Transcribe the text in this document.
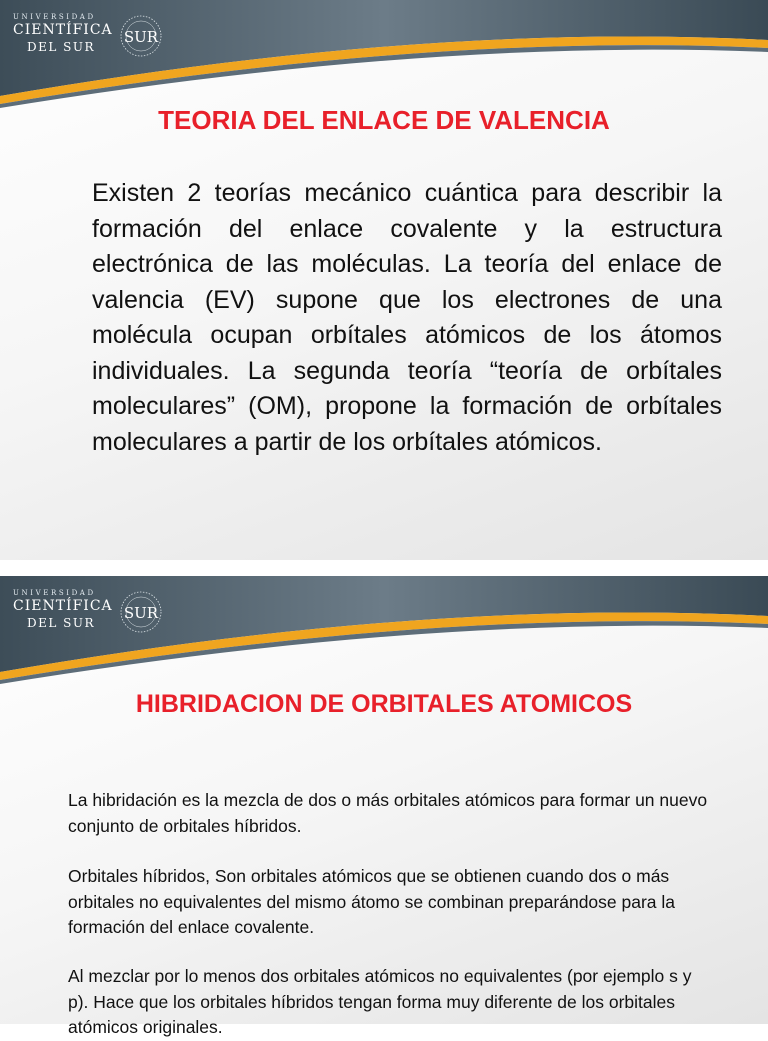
UNIVERSIDAD
CIENTÍFICA
DEL SUR
SUR
TEORIA DEL ENLACE DE VALENCIA

Existen 2 teorías mecánico cuántica para describir la formación del enlace covalente y la estructura electrónica de las moléculas. La teoría del enlace de valencia (EV) supone que los electrones de una molécula ocupan orbítales atómicos de los átomos individuales. La segunda teoría “teoría de orbítales moleculares” (OM), propone la formación de orbítales moleculares a partir de los orbítales atómicos.

UNIVERSIDAD
CIENTÍFICA
DEL SUR
SUR
HIBRIDACION DE ORBITALES ATOMICOS

La hibridación es la mezcla de dos o más orbitales atómicos para formar un nuevo conjunto de orbitales híbridos.

Orbitales híbridos, Son orbitales atómicos que se obtienen cuando dos o más orbitales no equivalentes del mismo átomo se combinan preparándose para la formación del enlace covalente.

Al mezclar por lo menos dos orbitales atómicos no equivalentes (por ejemplo s y p). Hace que los orbitales híbridos tengan forma muy diferente de los orbitales atómicos originales.
